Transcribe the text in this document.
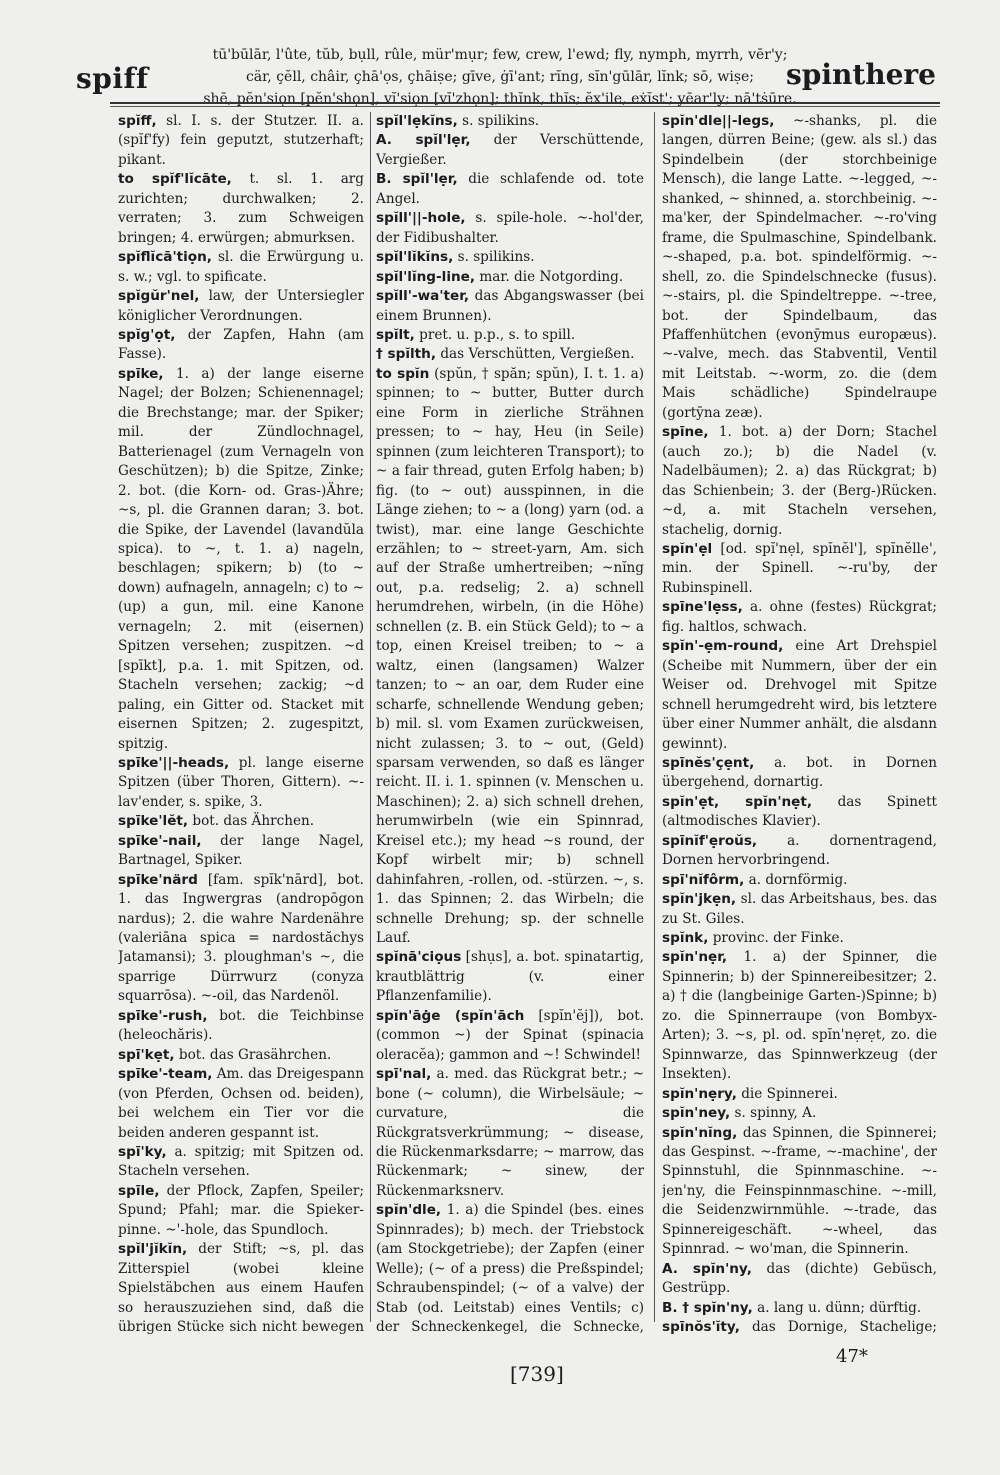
spiff
tū'būlār, l'ûte, tŭb, bụll, rûle, mür'mụr; few, crew, l'ewd; fly, nymph, myrrh, vēr'y;
cär, çĕll, châir, çhā'ọs, çhāiṣe; gīve, ġī'ant; rĭng, sĭn'gūlār, lĭnk; sō, wiṣe;
shē, pĕn'siọn [pĕn'shọn], vĭ'siọn [vĭ'zhọn]; thĭnk, thĭs; ĕx'ile, eẋĭst'; yēar'ly; nā'tṡūre.
spinthere

spĭff, sl. I. s. der Stutzer. II. a. (spĭf'fy) fein geputzt, stutzerhaft; pikant.

to spĭf'lĭcāte, t. sl. 1. arg zurichten; durchwalken; 2. verraten; 3. zum Schweigen bringen; 4. erwürgen; abmurksen.

spĭflĭcā'tiọn, sl. die Erwürgung u. s. w.; vgl. to spificate.

spĭgŭr'nel, law, der Untersiegler königlicher Verordnungen.

spĭg'ọt, der Zapfen, Hahn (am Fasse).

spīke, 1. a) der lange eiserne Nagel; der Bolzen; Schienennagel; die Brechstange; mar. der Spiker; mil. der Zündlochnagel, Batterienagel (zum Vernageln von Geschützen); b) die Spitze, Zinke; 2. bot. (die Korn- od. Gras-)Ähre; ~s, pl. die Grannen daran; 3. bot. die Spike, der Lavendel (lavandŭla spica). to ~, t. 1. a) nageln, beschlagen; spikern; b) (to ~ down) aufnageln, annageln; c) to ~ (up) a gun, mil. eine Kanone vernageln; 2. mit (eisernen) Spitzen versehen; zuspitzen. ~d [spīkt], p.a. 1. mit Spitzen, od. Stacheln versehen; zackig; ~d paling, ein Gitter od. Stacket mit eisernen Spitzen; 2. zugespitzt, spitzig.

spīke'||-heads, pl. lange eiserne Spitzen (über Thoren, Gittern). ~-lav'ender, s. spike, 3.

spīke'lĕt, bot. das Ährchen.

spīke'-nail, der lange Nagel, Bartnagel, Spiker.

spīke'närd [fam. spĭk'nārd], bot. 1. das Ingwergras (andropōgon nardus); 2. die wahre Nardenähre (valeriāna spica = nardostăchys Jatamansi); 3. ploughman's ~, die sparrige Dürrwurz (conyza squarrōsa). ~-oil, das Nardenöl.

spīke'-rush, bot. die Teichbinse (heleochăris).

spī'kẹt, bot. das Grasährchen.

spīke'-team, Am. das Dreigespann (von Pferden, Ochsen od. beiden), bei welchem ein Tier vor die beiden anderen gespannt ist.

spī'ky, a. spitzig; mit Spitzen od. Stacheln versehen.

spīle, der Pflock, Zapfen, Speiler; Spund; Pfahl; mar. die Spieker-pinne. ~'-hole, das Spundloch.

spĭl'jĭkĭn, der Stift; ~s, pl. das Zitterspiel (wobei kleine Spielstäbchen aus einem Haufen so herauszuziehen sind, daß die übrigen Stücke sich nicht bewegen

spĭl'lẹkĭns, s. spilikins.

A. spĭl'lẹr, der Verschüttende, Vergießer.

B. spĭl'lẹr, die schlafende od. tote Angel.

spĭll'||-hole, s. spile-hole. ~-hol'der, der Fidibushalter.

spĭl'lĭkĭns, s. spilikins.

spĭl'lĭng-line, mar. die Notgording.

spĭll'-wa'ter, das Abgangswasser (bei einem Brunnen).

spĭlt, pret. u. p.p., s. to spill.

† spĭlth, das Verschütten, Vergießen.

to spĭn (spŭn, † spăn; spŭn), I. t. 1. a) spinnen; to ~ butter, Butter durch eine Form in zierliche Strähnen pressen; to ~ hay, Heu (in Seile) spinnen (zum leichteren Transport); to ~ a fair thread, guten Erfolg haben; b) fig. (to ~ out) ausspinnen, in die Länge ziehen; to ~ a (long) yarn (od. a twist), mar. eine lange Geschichte erzählen; to ~ street-yarn, Am. sich auf der Straße umhertreiben; ~nĭng out, p.a. redselig; 2. a) schnell herumdrehen, wirbeln, (in die Höhe) schnellen (z. B. ein Stück Geld); to ~ a top, einen Kreisel treiben; to ~ a waltz, einen (langsamen) Walzer tanzen; to ~ an oar, dem Ruder eine scharfe, schnellende Wendung geben; b) mil. sl. vom Examen zurückweisen, nicht zulassen; 3. to ~ out, (Geld) sparsam verwenden, so daß es länger reicht. II. i. 1. spinnen (v. Menschen u. Maschinen); 2. a) sich schnell drehen, herumwirbeln (wie ein Spinnrad, Kreisel etc.); my head ~s round, der Kopf wirbelt mir; b) schnell dahinfahren, -rollen, od. -stürzen. ~, s. 1. das Spinnen; 2. das Wirbeln; die schnelle Drehung; sp. der schnelle Lauf.

spĭnā'ciọus [shụs], a. bot. spinatartig, krautblättrig (v. einer Pflanzenfamilie).

spĭn'āġe (spĭn'āch [spĭn'ĕj]), bot. (common ~) der Spinat (spinacia oleracĕa); gammon and ~! Schwindel!

spī'nal, a. med. das Rückgrat betr.; ~ bone (~ column), die Wirbelsäule; ~ curvature, die Rückgratsverkrümmung; ~ disease, die Rückenmarksdarre; ~ marrow, das Rückenmark; ~ sinew, der Rückenmarksnerv.

spĭn'dle, 1. a) die Spindel (bes. eines Spinnrades); b) mech. der Triebstock (am Stockgetriebe); der Zapfen (einer Welle); (~ of a press) die Preßspindel; Schraubenspindel; (~ of a valve) der Stab (od. Leitstab) eines Ventils; c) der Schneckenkegel, die Schnecke,

spĭn'dle||-legs, ~-shanks, pl. die langen, dürren Beine; (gew. als sl.) das Spindelbein (der storchbeinige Mensch), die lange Latte. ~-legged, ~-shanked, ~ shinned, a. storchbeinig. ~-ma'ker, der Spindelmacher. ~-ro'ving frame, die Spulmaschine, Spindelbank. ~-shaped, p.a. bot. spindelförmig. ~-shell, zo. die Spindelschnecke (fusus). ~-stairs, pl. die Spindeltreppe. ~-tree, bot. der Spindelbaum, das Pfaffenhütchen (evonȳmus europæus). ~-valve, mech. das Stabventil, Ventil mit Leitstab. ~-worm, zo. die (dem Mais schädliche) Spindelraupe (gortȳna zeæ).

spīne, 1. bot. a) der Dorn; Stachel (auch zo.); b) die Nadel (v. Nadelbäumen); 2. a) das Rückgrat; b) das Schienbein; 3. der (Berg-)Rücken. ~d, a. mit Stacheln versehen, stachelig, dornig.

spĭn'ẹl [od. spĭ'nẹl, spĭnĕl'], spĭnĕlle', min. der Spinell. ~-ru'by, der Rubinspinell.

spīne'lẹss, a. ohne (festes) Rückgrat; fig. haltlos, schwach.

spĭn'-ẹm-round, eine Art Drehspiel (Scheibe mit Nummern, über der ein Weiser od. Drehvogel mit Spitze schnell herumgedreht wird, bis letztere über einer Nummer anhält, die alsdann gewinnt).

spīnĕs'çẹnt, a. bot. in Dornen übergehend, dornartig.

spĭn'ẹt, spĭn'nẹt, das Spinett (altmodisches Klavier).

spīnĭf'ẹroŭs, a. dornentragend, Dornen hervorbringend.

spī'nĭfôrm, a. dornförmig.

spĭn'jkẹn, sl. das Arbeitshaus, bes. das zu St. Giles.

spĭnk, provinc. der Finke.

spĭn'nẹr, 1. a) der Spinner, die Spinnerin; b) der Spinnereibesitzer; 2. a) † die (langbeinige Garten-)Spinne; b) zo. die Spinnerraupe (von Bombyx-Arten); 3. ~s, pl. od. spĭn'nẹrẹt, zo. die Spinnwarze, das Spinnwerkzeug (der Insekten).

spĭn'nẹry, die Spinnerei.

spĭn'ney, s. spinny, A.

spĭn'nĭng, das Spinnen, die Spinnerei; das Gespinst. ~-frame, ~-machine', der Spinnstuhl, die Spinnmaschine. ~-jen'ny, die Feinspinnmaschine. ~-mill, die Seidenzwirnmühle. ~-trade, das Spinnereigeschäft. ~-wheel, das Spinnrad. ~ wo'man, die Spinnerin.

A. spĭn'ny, das (dichte) Gebüsch, Gestrüpp.

B. † spĭn'ny, a. lang u. dünn; dürftig.

spīnŏs'ĭty, das Dornige, Stachelige;

[739]
47*
